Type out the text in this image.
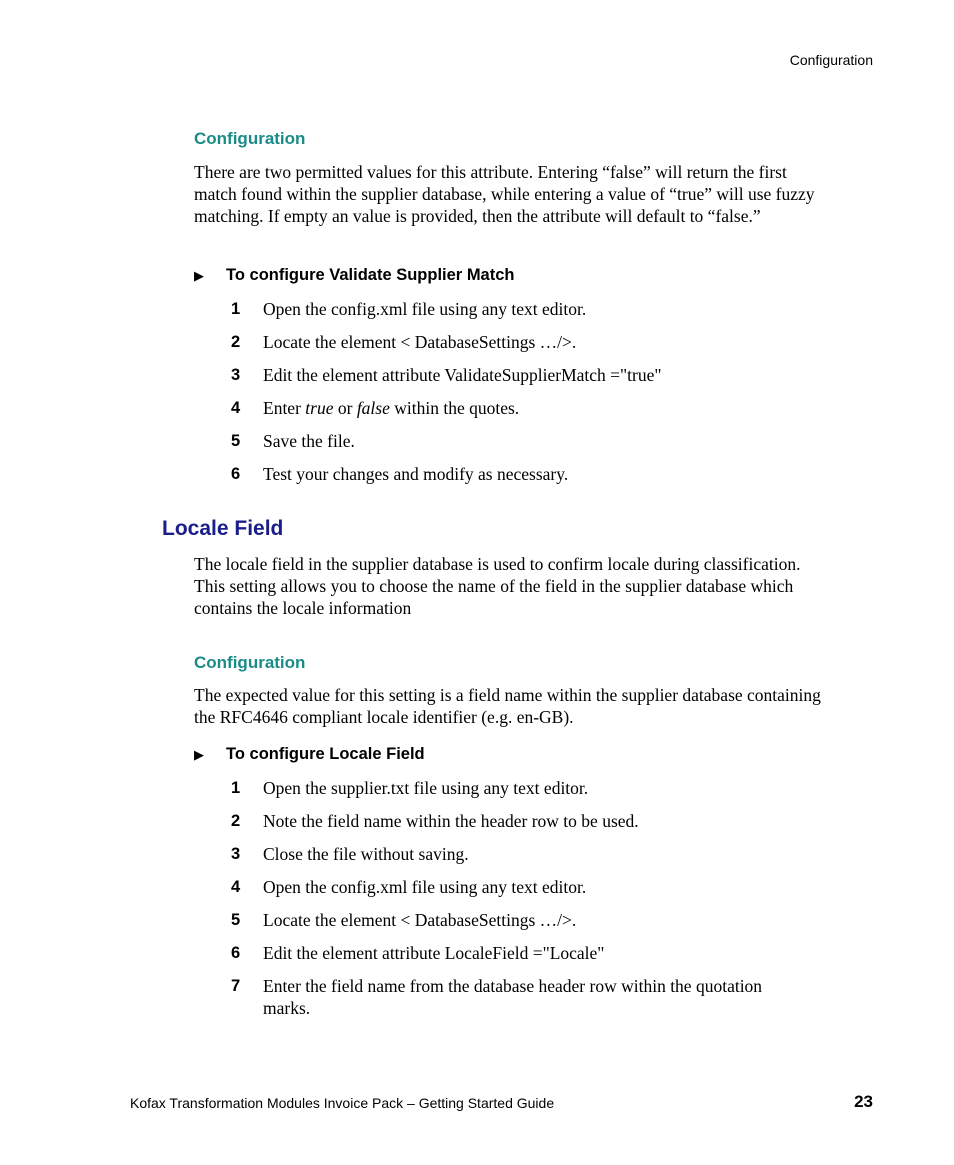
Configuration
Configuration
There are two permitted values for this attribute. Entering “false” will return the first match found within the supplier database, while entering a value of “true” will use fuzzy matching. If empty an value is provided, then the attribute will default to “false.”
▶ To configure Validate Supplier Match
1 Open the config.xml file using any text editor.
2 Locate the element < DatabaseSettings …/>.
3 Edit the element attribute ValidateSupplierMatch ="true"
4 Enter true or false within the quotes.
5 Save the file.
6 Test your changes and modify as necessary.
Locale Field
The locale field in the supplier database is used to confirm locale during classification. This setting allows you to choose the name of the field in the supplier database which contains the locale information
Configuration
The expected value for this setting is a field name within the supplier database containing the RFC4646 compliant locale identifier (e.g. en-GB).
▶ To configure Locale Field
1 Open the supplier.txt file using any text editor.
2 Note the field name within the header row to be used.
3 Close the file without saving.
4 Open the config.xml file using any text editor.
5 Locate the element < DatabaseSettings …/>.
6 Edit the element attribute LocaleField ="Locale"
7 Enter the field name from the database header row within the quotation marks.
Kofax Transformation Modules Invoice Pack – Getting Started Guide	23
